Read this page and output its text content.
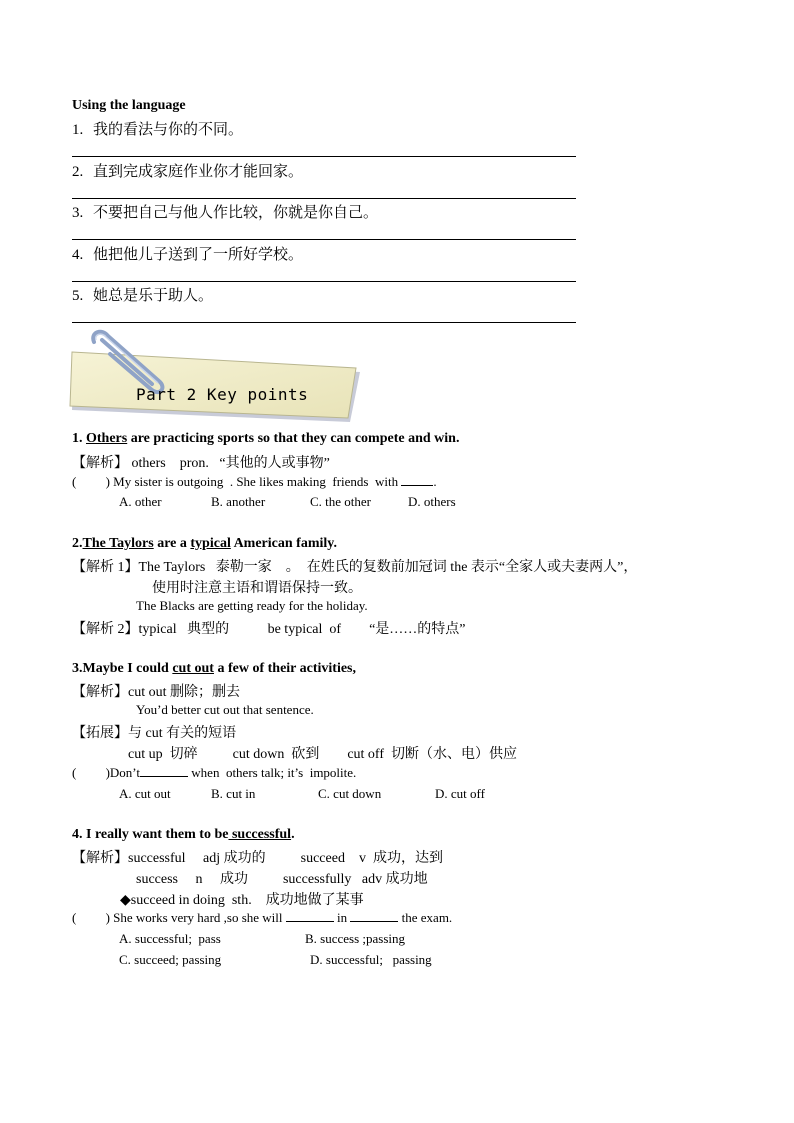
Using the language
1. 我的看法与你的不同。
2. 直到完成家庭作业你才能回家。
3. 不要把自己与他人作比较，你就是你自己。
4. 他把他儿子送到了一所好学校。
5. 她总是乐于助人。
Part 2 Key points
1. Others are practicing sports so that they can compete and win.
【解析】 others    pron.   “其他的人或事物”
(         ) My sister is outgoing  . She likes making  friends  with .
A. other	B. another	C. the other	D. others
2.The Taylors are a typical American family.
【解析 1】The Taylors   泰勒一家    。  在姓氏的复数前加冠词 the 表示“全家人或夫妻两人”，
使用时注意主语和谓语保持一致。
The Blacks are getting ready for the holiday.
【解析 2】typical   典型的           be typical  of        “是……的特点”
3.Maybe I could cut out a few of their activities,
【解析】cut out 删除；删去
You’d better cut out that sentence.
【拓展】与 cut 有关的短语
cut up  切碎          cut down  砍到        cut off  切断（水、电）供应
(         )Don’t	when  others talk; it’s  impolite.
A. cut out	B. cut in	C. cut down	D. cut off
4. I really want them to be successful.
【解析】successful     adj 成功的          succeed    v  成功，达到
success     n     成功          successfully   adv 成功地
◆succeed in doing  sth.    成功地做了某事
(         ) She works very hard ,so she will	in	the exam.
A. successful;  pass	B. success ;passing
C. succeed; passing	D. successful;   passing
